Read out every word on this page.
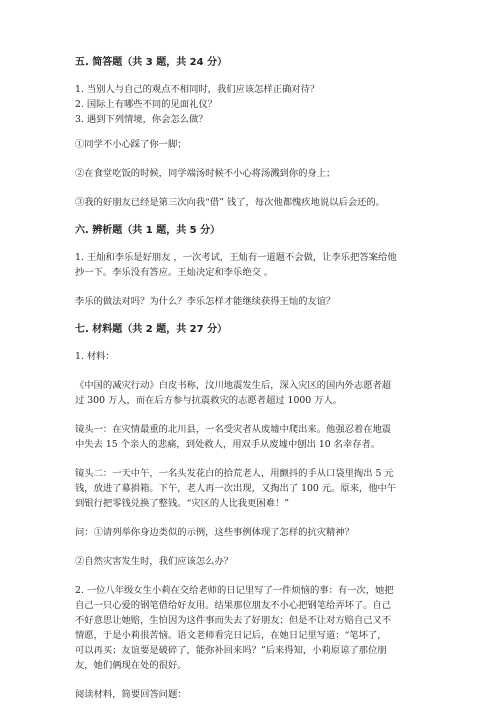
五. 简答题（共 3 题，共 24 分）

1. 当别人与自己的观点不相同时，我们应该怎样正确对待？

2. 国际上有哪些不同的见面礼仪？

3. 遇到下列情境，你会怎么做？

①同学不小心踩了你一脚；

②在食堂吃饭的时候，同学端汤时候不小心将汤溅到你的身上；

③我的好朋友已经是第三次向我“借” 钱了，每次他都愧疚地说以后会还的。

六. 辨析题（共 1 题，共 5 分）

1. 王灿和李乐是好朋友 ，一次考试，王灿有一道题不会做，让李乐把答案给他

抄一下。李乐没有答应。王灿决定和李乐绝交 。

李乐的做法对吗？为什么？李乐怎样才能继续获得王灿的友谊？

七. 材料题（共 2 题，共 27 分）

1. 材料：

《中国的减灾行动》白皮书称，汶川地震发生后，深入灾区的国内外志愿者超

过 300 万人，而在后方参与抗震救灾的志愿者超过 1000 万人。

镜头一：在灾情最重的北川县，一名受灾者从废墟中爬出来。他强忍着在地震

中失去 15 个亲人的悲痛，到处救人，用双手从废墟中刨出 10 名幸存者。

镜头二：一天中午，一名头发花白的拾荒老人，用颤抖的手从口袋里掏出 5 元

钱，放进了募捐箱。下午，老人再一次出现，又掏出了 100 元。原来，他中午

到银行把零钱兑换了整钱。“灾区的人比我更困难！”

问：①请列举你身边类似的示例，这些事例体现了怎样的抗灾精神？

②自然灾害发生时，我们应该怎么办？

2. 一位八年级女生小莉在交给老师的日记里写了一件烦恼的事：有一次，她把

自己一只心爱的钢笔借给好友用。结果那位朋友不小心把钢笔给弄坏了。自己

不好意思让她赔，生怕因为这件事而失去了好朋友；但是不让对方赔自己又不

情愿，于是小莉很苦恼。语文老师看完日记后，在她日记里写道：“笔坏了，

可以再买；友谊要是破碎了，能弥补回来吗？”后来得知，小莉原谅了那位朋

友，她们俩现在处的很好。

阅读材料，简要回答问题：
